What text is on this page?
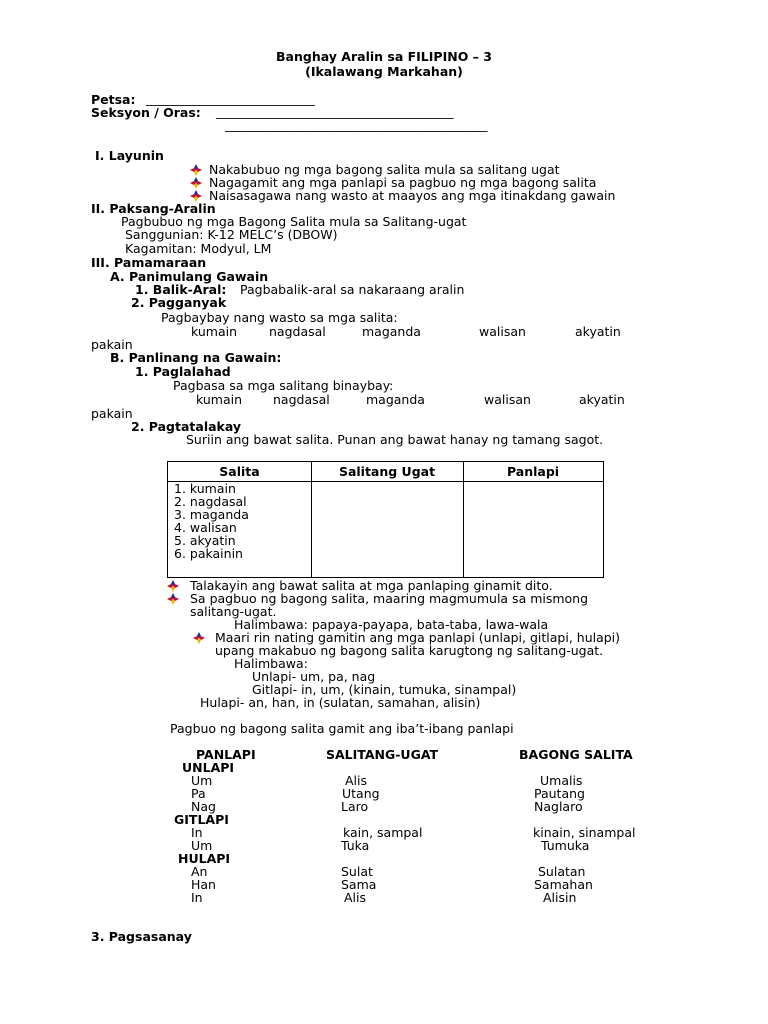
Banghay Aralin sa FILIPINO – 3
(Ikalawang Markahan)
Petsa: ___________________________
Seksyon / Oras: ______________________________________
__________________________________________
I. Layunin
Nakabubuo ng mga bagong salita mula sa salitang ugat
Nagagamit ang mga panlapi sa pagbuo ng mga bagong salita
Naisasagawa nang wasto at maayos ang mga itinakdang gawain
II. Paksang-Aralin
Pagbubuo ng mga Bagong Salita mula sa Salitang-ugat
Sanggunian: K-12 MELC’s (DBOW)
Kagamitan: Modyul, LM
III. Pamamaraan
A. Panimulang Gawain
1. Balik-Aral: Pagbabalik-aral sa nakaraang aralin
2. Pagganyak
Pagbaybay nang wasto sa mga salita:
kumain	nagdasal	maganda	walisan	akyatin
pakain
B. Panlinang na Gawain:
1. Paglalahad
Pagbasa sa mga salitang binaybay:
kumain nagdasal	maganda	walisan	akyatin
pakain
2. Pagtatalakay
Suriin ang bawat salita. Punan ang bawat hanay ng tamang sagot.
Salita	Salitang Ugat	Panlapi
1. kumain
2. nagdasal
3. maganda
4. walisan
5. akyatin
6. pakainin
Talakayin ang bawat salita at mga panlaping ginamit dito.
Sa pagbuo ng bagong salita, maaring magmumula sa mismong
salitang-ugat.
Halimbawa: papaya-payapa, bata-taba, lawa-wala
Maari rin nating gamitin ang mga panlapi (unlapi, gitlapi, hulapi)
upang makabuo ng bagong salita karugtong ng salitang-ugat.
Halimbawa:
Unlapi- um, pa, nag
Gitlapi- in, um, (kinain, tumuka, sinampal)
Hulapi- an, han, in (sulatan, samahan, alisin)
Pagbuo ng bagong salita gamit ang iba’t-ibang panlapi
PANLAPI	SALITANG-UGAT	BAGONG SALITA
UNLAPI
Um	Alis	Umalis
Pa	Utang	Pautang
Nag	Laro	Naglaro
GITLAPI
In	kain, sampal	kinain, sinampal
Um	Tuka	Tumuka
HULAPI
An	Sulat	Sulatan
Han	Sama	Samahan
In	Alis	Alisin
3. Pagsasanay
